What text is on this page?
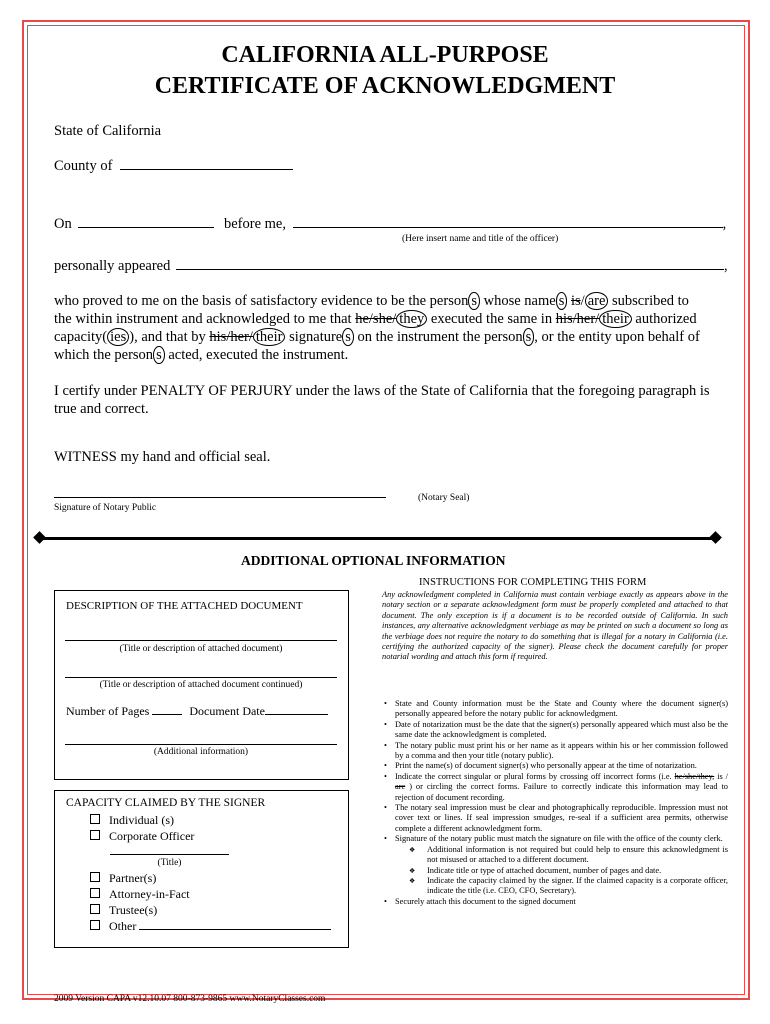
CALIFORNIA ALL-PURPOSE
CERTIFICATE OF ACKNOWLEDGMENT
State of California
County of
On	before me,	,
(Here insert name and title of the officer)
personally appeared	,
who proved to me on the basis of satisfactory evidence to be the person s whose name s is/ are subscribed to
the within instrument and acknowledged to me that he/she/ they executed the same in his/her/ their authorized
capacity( ies ), and that by his/her/ their signature s on the instrument the person s , or the entity upon behalf of
which the person s acted, executed the instrument.
I certify under PENALTY OF PERJURY under the laws of the State of California that the foregoing paragraph is true and correct.
WITNESS my hand and official seal.
Signature of Notary Public
(Notary Seal)
ADDITIONAL OPTIONAL INFORMATION
DESCRIPTION OF THE ATTACHED DOCUMENT
(Title or description of attached document)
(Title or description of attached document continued)
Number of Pages	Document Date
(Additional information)
CAPACITY CLAIMED BY THE SIGNER
Individual (s)
Corporate Officer
(Title)
Partner(s)
Attorney-in-Fact
Trustee(s)
Other
INSTRUCTIONS FOR COMPLETING THIS FORM
Any acknowledgment completed in California must contain verbiage exactly as appears above in the notary section or a separate acknowledgment form must be properly completed and attached to that document. The only exception is if a document is to be recorded outside of California. In such instances, any alternative acknowledgment verbiage as may be printed on such a document so long as the verbiage does not require the notary to do something that is illegal for a notary in California (i.e. certifying the authorized capacity of the signer). Please check the document carefully for proper notarial wording and attach this form if required.
• State and County information must be the State and County where the document signer(s) personally appeared before the notary public for acknowledgment.
• Date of notarization must be the date that the signer(s) personally appeared which must also be the same date the acknowledgment is completed.
• The notary public must print his or her name as it appears within his or her commission followed by a comma and then your title (notary public).
• Print the name(s) of document signer(s) who personally appear at the time of notarization.
• Indicate the correct singular or plural forms by crossing off incorrect forms (i.e. he/she/they, is / are ) or circling the correct forms. Failure to correctly indicate this information may lead to rejection of document recording.
• The notary seal impression must be clear and photographically reproducible. Impression must not cover text or lines. If seal impression smudges, re-seal if a sufficient area permits, otherwise complete a different acknowledgment form.
• Signature of the notary public must match the signature on file with the office of the county clerk.
❖ Additional information is not required but could help to ensure this acknowledgment is not misused or attached to a different document.
❖ Indicate title or type of attached document, number of pages and date.
❖ Indicate the capacity claimed by the signer. If the claimed capacity is a corporate officer, indicate the title (i.e. CEO, CFO, Secretary).
• Securely attach this document to the signed document
2009 Version CAPA v12.10.07 800-873-9865 www.NotaryClasses.com
